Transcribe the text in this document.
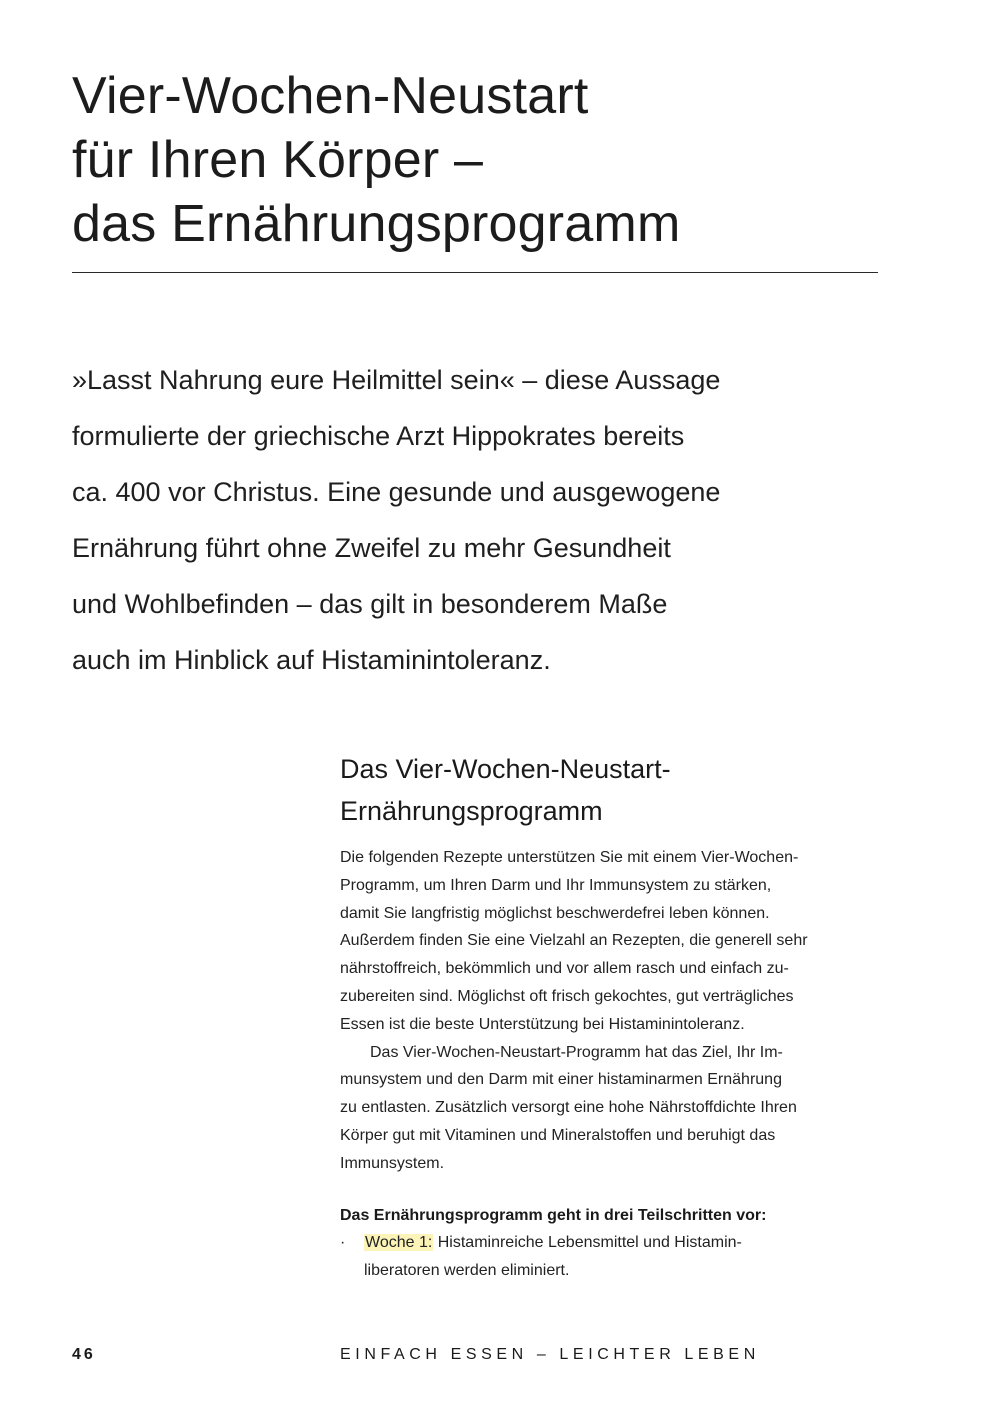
Vier-Wochen-Neustart
für Ihren Körper –
das Ernährungsprogramm

»Lasst Nahrung eure Heilmittel sein« – diese Aussage
formulierte der griechische Arzt Hippokrates bereits
ca. 400 vor Christus. Eine gesunde und ausgewogene
Ernährung führt ohne Zweifel zu mehr Gesundheit
und Wohlbefinden – das gilt in besonderem Maße
auch im Hinblick auf Histaminintoleranz.

Das Vier-Wochen-Neustart-
Ernährungsprogramm

Die folgenden Rezepte unterstützen Sie mit einem Vier-Wochen-
Programm, um Ihren Darm und Ihr Immunsystem zu stärken,
damit Sie langfristig möglichst beschwerdefrei leben können.
Außerdem finden Sie eine Vielzahl an Rezepten, die generell sehr
nährstoffreich, bekömmlich und vor allem rasch und einfach zu-
zubereiten sind. Möglichst oft frisch gekochtes, gut verträgliches
Essen ist die beste Unterstützung bei Histaminintoleranz.
Das Vier-Wochen-Neustart-Programm hat das Ziel, Ihr Im-
munsystem und den Darm mit einer histaminarmen Ernährung
zu entlasten. Zusätzlich versorgt eine hohe Nährstoffdichte Ihren
Körper gut mit Vitaminen und Mineralstoffen und beruhigt das
Immunsystem.

Das Ernährungsprogramm geht in drei Teilschritten vor:

· Woche 1: Histaminreiche Lebensmittel und Histamin-
liberatoren werden eliminiert.
46	EINFACH ESSEN – LEICHTER LEBEN
